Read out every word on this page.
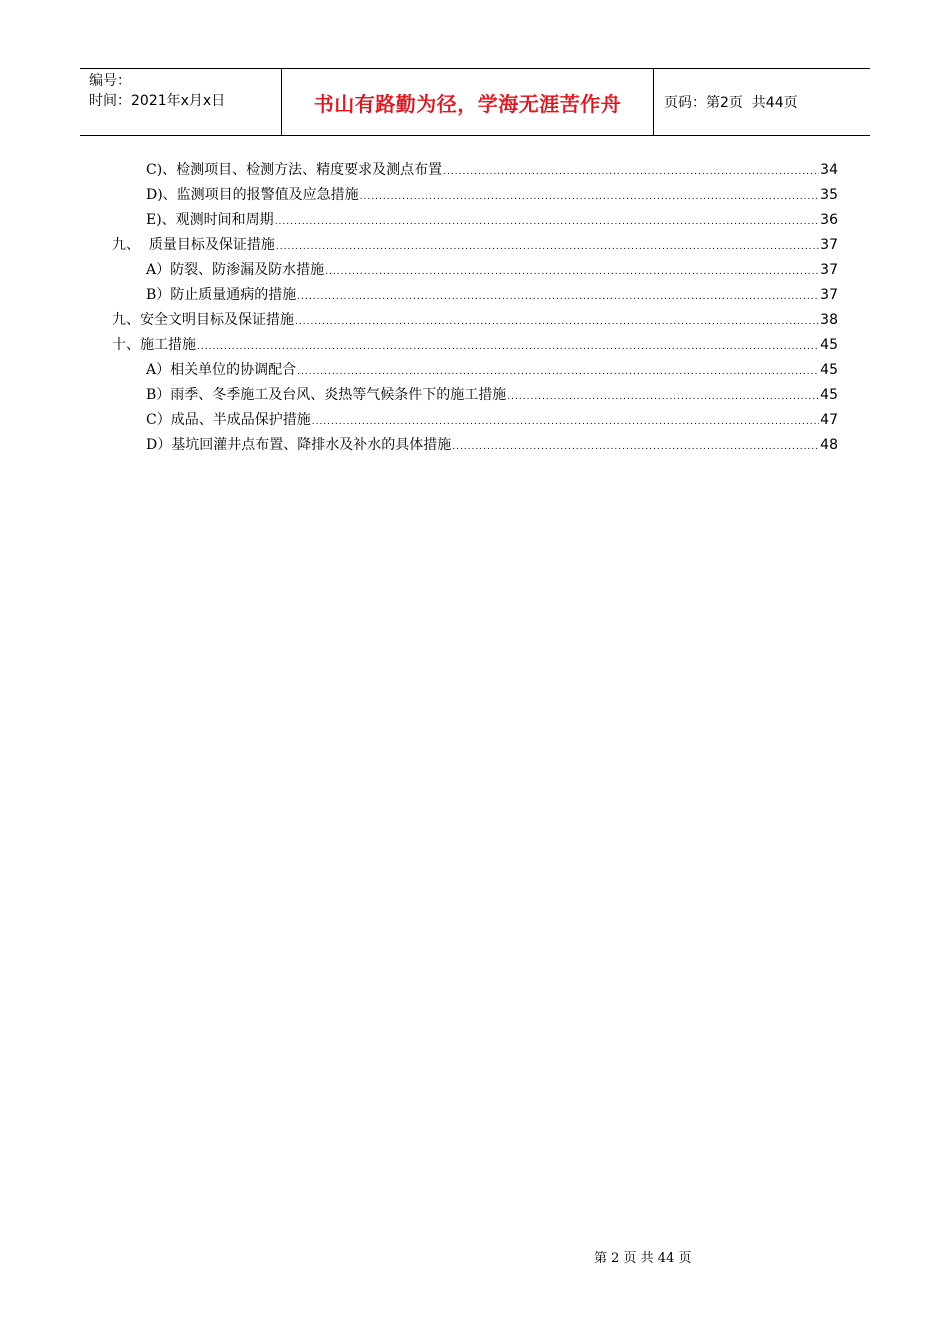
编号：
时间：2021年x月x日	书山有路勤为径，学海无涯苦作舟	页码：第2页  共44页
C)、检测项目、检测方法、精度要求及测点布置 .....	34
D)、监测项目的报警值及应急措施 .....	35
E)、观测时间和周期 .....	36
九、  质量目标及保证措施 .....	37
A）防裂、防渗漏及防水措施 .....	37
B）防止质量通病的措施 .....	37
九、安全文明目标及保证措施 .....	38
十、施工措施 .....	45
A）相关单位的协调配合 .....	45
B）雨季、冬季施工及台风、炎热等气候条件下的施工措施 .....	45
C）成品、半成品保护措施 .....	47
D）基坑回灌井点布置、降排水及补水的具体措施 .....	48
第 2 页 共 44 页
